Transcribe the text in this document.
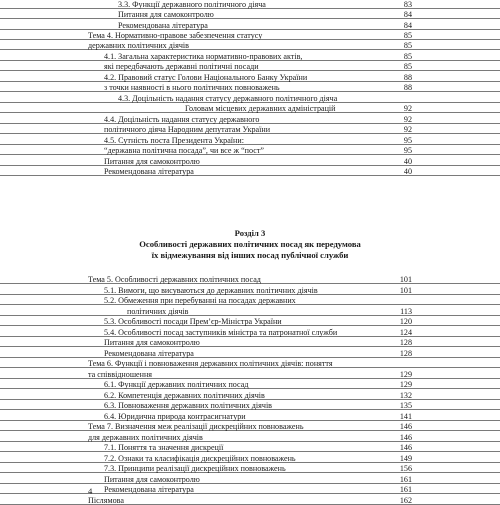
3.3. Функції державного політичного діяча	83
Питання для самоконтролю	84
Рекомендована література	84
Тема 4. Нормативно-правове забезпечення статусу	85
державних політичних діячів	85
4.1. Загальна характеристика нормативно-правових актів,	85
які передбачають державні політичні посади	85
4.2. Правовий статус Голови Національного Банку України	88
з точки наявності в нього політичних повноважень	88
4.3. Доцільність надання статусу державного політичного діяча
Головам місцевих державних адміністрацій	92
4.4. Доцільність надання статусу державного	92
політичного діяча Народним депутатам України	92
4.5. Сутність поста Президента України:	95
“державна політична посада”, чи все ж “пост”	95
Питання для самоконтролю	40
Рекомендована література	40
Розділ 3
Особливості державних політичних посад як передумова
їх відмежування від інших посад публічної служби
Тема 5. Особливості державних політичних посад	101
5.1. Вимоги, що висуваються до державних політичних діячів	101
5.2. Обмеження при перебуванні на посадах державних
політичних діячів	113
5.3. Особливості посади Прем’єр-Міністра України	120
5.4. Особливості посад заступників міністра та патронатної служби	124
Питання для самоконтролю	128
Рекомендована література	128
Тема 6. Функції і повноваження державних політичних діячів: поняття
та співвідношення	129
6.1. Функції державних політичних посад	129
6.2. Компетенція державних політичних діячів	132
6.3. Повноваження державних політичних діячів	135
6.4. Юридична природа контрасигнатури	141
Тема 7. Визначення меж реалізації дискреційних повноважень	146
для державних політичних діячів	146
7.1. Поняття та значення дискреції	146
7.2. Ознаки та класифікація дискреційних повноважень	149
7.3. Принципи реалізації дискреційних повноважень	156
Питання для самоконтролю	161
Рекомендована література	161
Післямова	162
4
